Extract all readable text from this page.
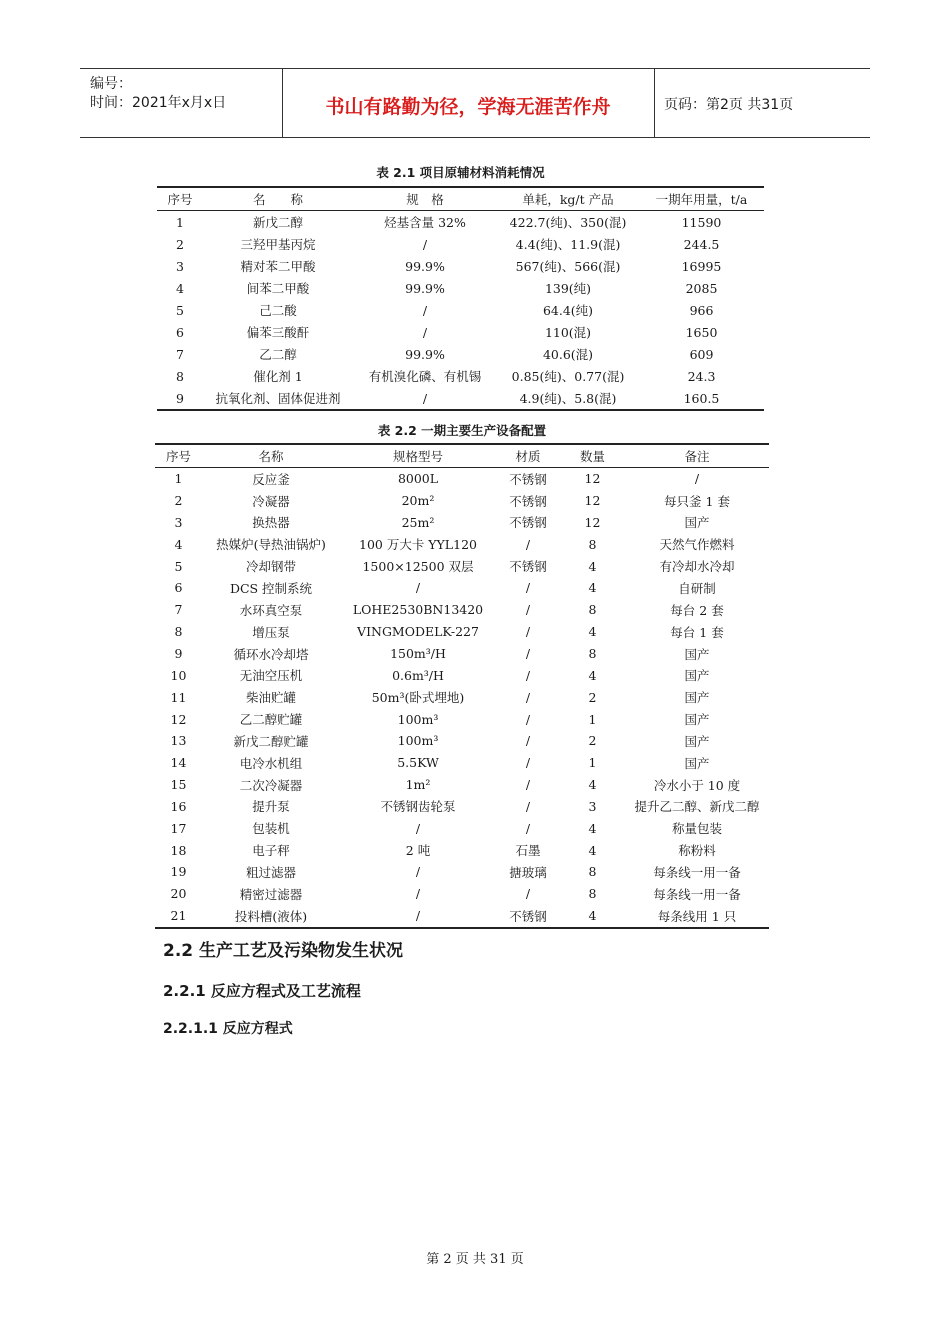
编号：
时间：2021年x月x日	书山有路勤为径，学海无涯苦作舟	页码：第2页 共31页
表 2.1 项目原辅材料消耗情况
序号	名　　称	规　格	单耗，kg/t 产品	一期年用量，t/a
1	新戊二醇	烃基含量 32%	422.7(纯)、350(混)	11590
2	三羟甲基丙烷	/	4.4(纯)、11.9(混)	244.5
3	精对苯二甲酸	99.9%	567(纯)、566(混)	16995
4	间苯二甲酸	99.9%	139(纯)	2085
5	己二酸	/	64.4(纯)	966
6	偏苯三酸酐	/	110(混)	1650
7	乙二醇	99.9%	40.6(混)	609
8	催化剂 1	有机溴化磷、有机锡	0.85(纯)、0.77(混)	24.3
9	抗氧化剂、固体促进剂	/	4.9(纯)、5.8(混)	160.5
表 2.2 一期主要生产设备配置
序号	名称	规格型号	材质	数量	备注
1	反应釜	8000L	不锈钢	12	/
2	冷凝器	20m²	不锈钢	12	每只釜 1 套
3	换热器	25m²	不锈钢	12	国产
4	热媒炉(导热油锅炉)	100 万大卡 YYL120	/	8	天然气作燃料
5	冷却钢带	1500×12500 双层	不锈钢	4	有冷却水冷却
6	DCS 控制系统	/	/	4	自研制
7	水环真空泵	LOHE2530BN13420	/	8	每台 2 套
8	增压泵	VINGMODELK-227	/	4	每台 1 套
9	循环水冷却塔	150m³/H	/	8	国产
10	无油空压机	0.6m³/H	/	4	国产
11	柴油贮罐	50m³(卧式埋地)	/	2	国产
12	乙二醇贮罐	100m³	/	1	国产
13	新戊二醇贮罐	100m³	/	2	国产
14	电冷水机组	5.5KW	/	1	国产
15	二次冷凝器	1m²	/	4	冷水小于 10 度
16	提升泵	不锈钢齿轮泵	/	3	提升乙二醇、新戊二醇
17	包装机	/	/	4	称量包装
18	电子秤	2 吨	石墨	4	称粉料
19	粗过滤器	/	搪玻璃	8	每条线一用一备
20	精密过滤器	/	/	8	每条线一用一备
21	投料槽(液体)	/	不锈钢	4	每条线用 1 只
2.2 生产工艺及污染物发生状况
2.2.1 反应方程式及工艺流程
2.2.1.1 反应方程式
第 2 页 共 31 页
